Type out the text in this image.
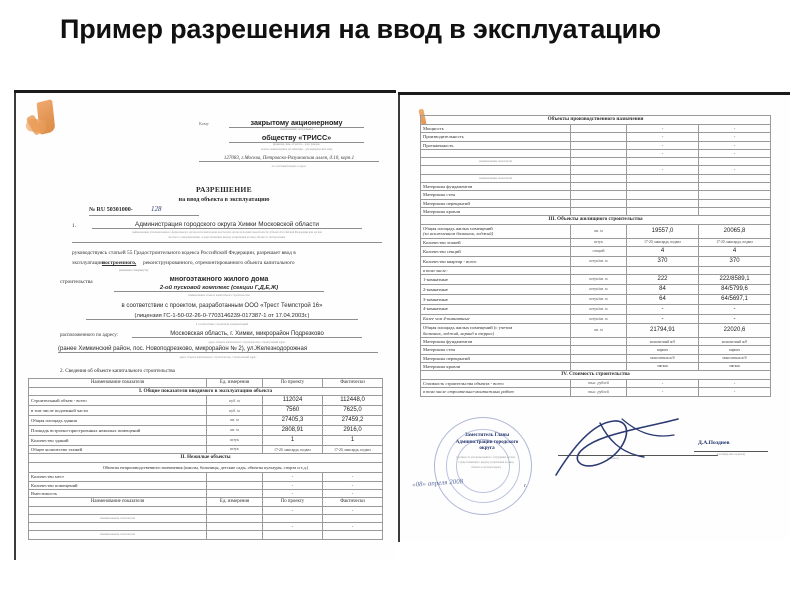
Пример разрешения на ввод в эксплуатацию
Кому	закрытому акционерному
наименование застройщика
обществу «ТРИСС»
(фамилия, имя, отчество - для граждан,
полное наименование организации - для юридических лиц),
127083, г.Москва, Петровско-Разумовская аллея, д.10, корп.1
его почтовый индекс и адрес
РАЗРЕШЕНИЕ
на ввод объекта в эксплуатацию
№ RU 50301000-	128
1.	Администрация городского округа Химки Московской области
наименование уполномоченного федерального органа исполнительной власти или органа исполнительной власти субъекта Российской Федерации или органа
местного самоуправления, осуществляющих выдачу разрешения на ввод объекта в эксплуатацию
руководствуясь статьей 55 Градостроительного кодекса Российской Федерации, разрешает ввод в
эксплуатацию
построенного, реконструированного, отремонтированного объекта капитального
(ненужное зачеркнуть)
строительства	многоэтажного жилого дома
2-ой пусковой комплекс (секции Г,Д,Е,Ж)
наименование объекта капитального строительства
в соответствии с проектом, разработанным ООО «Трест Темпстрой 16»
(лицензия ГС-1-50-02-26-0-7703146239-017387-1 от 17.04.2003г.)
в соответствии с проектной документацией
расположенного по адресу:	Московская область, г. Химки, микрорайон Подрезково
адрес объекта капитального строительства, строительный адрес
(ранее Химкинский район, пос. Новоподрезково, микрорайон № 2), ул.Железнодорожная
адрес объекта капитального строительства, строительный адрес
2. Сведения об объекте капитального строительства
Наименование показателя	Ед. измерения	По проекту	Фактически
I. Общие показатели вводимого в эксплуатацию объекта			
Строительный объем - всего	куб. м	112024	112448,0
в том числе подземной части	куб. м	7560	7625,0
Общая площадь здания	кв. м	27405,3	27459,2
Площадь встроено-пристроенных нежилых помещений	кв. м	2808,91	2916,0
Количество зданий	штук	1	1
Общее количество этажей	штук	17-20, мансарда, подвал	17-20, мансарда, подвал
II. Нежилые объекты			
Объекты непроизводственного назначения (школы, больницы, детские сады, объекты культуры, спорта и т.д.)			
Количество мест		-	-
Количество помещений		-	-
Вместимость		-	-
Наименование показателя	Ед. измерения	По проекту	Фактически
		-	-
наименование показателя			
		-	-
наименование показателя			
Объекты производственного назначения			
Мощность		-	-
Производительность		-	-
Протяженность		-	-
		-	-
наименование показателя			
		-	-
наименование показателя			
Материалы фундаментов			
Материалы стен			
Материалы перекрытий			
Материалы кровли			
III. Объекты жилищного строительства			
Общая площадь жилых помещений
(за исключением балконов, лоджий)	кв. м	19557,0	20065,8
Количество этажей	штук	17-20, мансарда, подвал	17-20, мансарда, подвал
Количество секций	секций	4	4
Количество квартир - всего	штук/кв. м	370	370
в том числе:			
1-комнатные	штук/кв. м	222	222/8589,1
2-комнатные	штук/кв. м	84	84/5799,6
3-комнатные	штук/кв. м	64	64/5697,1
4-комнатные	штук/кв. м	-	-
Более чем 4-комнатные	штук/кв. м	-	-
Общая площадь жилых помещений (с учетом
балконов, лоджий, веранд и террас)	кв. м	21794,91	22020,6
Материалы фундаментов		монолитный ж/б	монолитный ж/б
Материалы стен		кирпич	кирпич
Материалы перекрытий		монолитная ж/б	монолитная ж/б
Материалы кровли		мягкая	мягкая
IV. Стоимость строительства			
Стоимость строительства объекта - всего	тыс. рублей	-	-
в том числе строительно-монтажных работ	тыс. рублей	-	-
Заместитель Главы
Администрации городского
округа
(должность уполномоченного сотрудника органа,
осуществляющего выдачу разрешения на ввод
объекта в эксплуатацию)
«08» апреля 2008	г.
(подпись)
Д.А.Позднев
(расшифровка подписи)
